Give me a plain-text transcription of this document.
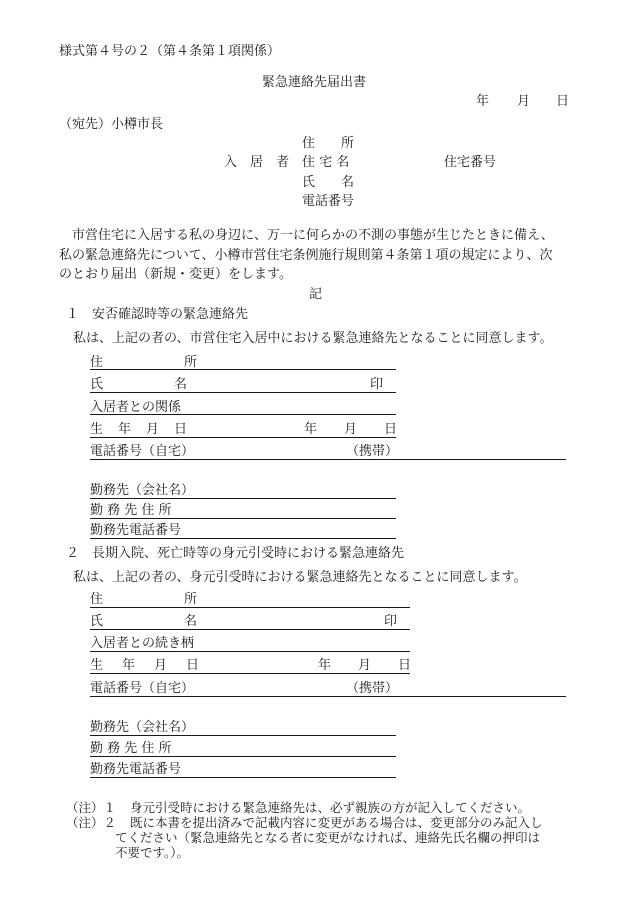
様式第４号の２（第４条第１項関係）
緊急連絡先届出書
年 月 日
（宛先）小樽市長
住　　所
入　居　者 住 宅 名	住宅番号
氏　　名
電話番号
　市営住宅に入居する私の身辺に、万一に何らかの不測の事態が生じたときに備え、
私の緊急連絡先について、小樽市営住宅条例施行規則第４条第１項の規定により、次
のとおり届出（新規・変更）をします。
記
１　安否確認時等の緊急連絡先
私は、上記の者の、市営住宅入居中における緊急連絡先となることに同意します。
住	所
氏	名	印
入居者との関係
生 年 月 日	年 月 日
電話番号（自宅）	（携帯）
勤務先（会社名）
勤 務 先 住 所
勤務先電話番号
２　長期入院、死亡時等の身元引受時における緊急連絡先
私は、上記の者の、身元引受時における緊急連絡先となることに同意します。
住	所
氏	名	印
入居者との続き柄
生 年 月 日	年 月 日
電話番号（自宅）	（携帯）
勤務先（会社名）
勤 務 先 住 所
勤務先電話番号
（注）１ 身元引受時における緊急連絡先は、必ず親族の方が記入してください。
（注）２ 既に本書を提出済みで記載内容に変更がある場合は、変更部分のみ記入し
てください（緊急連絡先となる者に変更がなければ、連絡先氏名欄の押印は
不要です。）。
